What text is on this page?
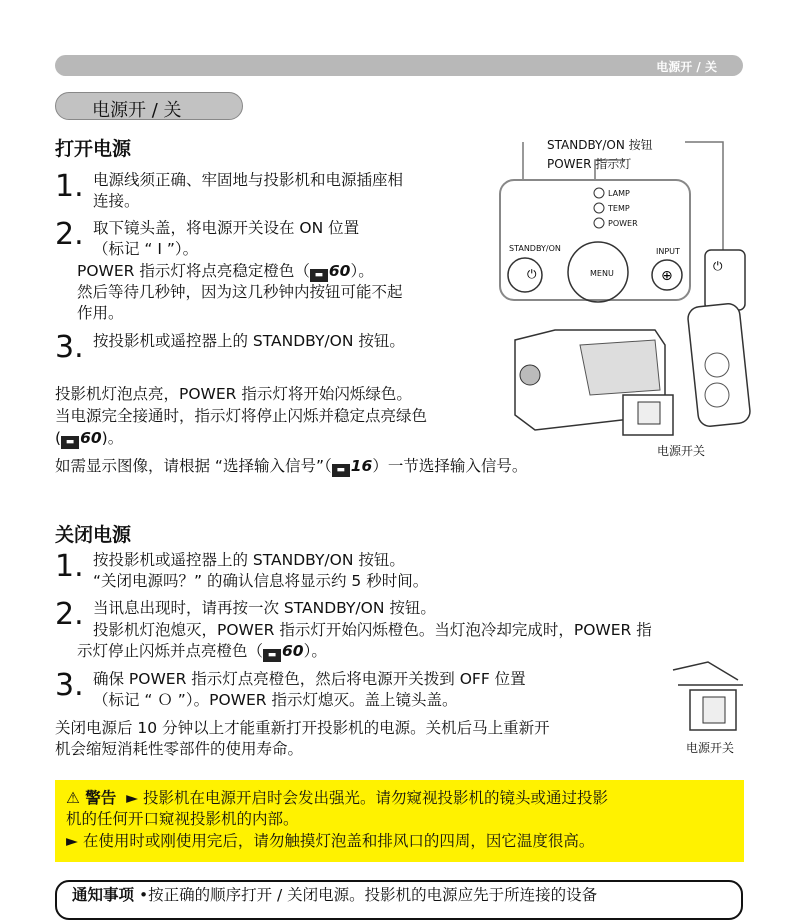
电源开 / 关
电源开 / 关
打开电源
1. 电源线须正确、牢固地与投影机和电源插座相
连接。
2. 取下镜头盖，将电源开关设在 ON 位置
（标记 “ Ⅰ ”）。
POWER 指示灯将点亮稳定橙色（ ▬ 60）。
然后等待几秒钟，因为这几秒钟内按钮可能不起
作用。
3. 按投影机或遥控器上的 STANDBY/ON 按钮。
投影机灯泡点亮，POWER 指示灯将开始闪烁绿色。
当电源完全接通时，指示灯将停止闪烁并稳定点亮绿色
( ▬ 60)。
如需显示图像，请根据 “选择输入信号”（ ▬ 16）一节选择输入信号。
⏻	⊕
⏻
STANDBY/ON 按钮
POWER 指示灯
LAMP
TEMP
POWER
STANDBY/ON
MENU
INPUT
电源开关
关闭电源
1. 按投影机或遥控器上的 STANDBY/ON 按钮。
“关闭电源吗？” 的确认信息将显示约 5 秒时间。
2. 当讯息出现时，请再按一次 STANDBY/ON 按钮。
投影机灯泡熄灭，POWER 指示灯开始闪烁橙色。当灯泡冷却完成时，POWER 指
示灯停止闪烁并点亮橙色（ ▬ 60）。
3. 确保 POWER 指示灯点亮橙色，然后将电源开关拨到 OFF 位置
（标记 “ Ｏ ”）。POWER 指示灯熄灭。盖上镜头盖。
关闭电源后 10 分钟以上才能重新打开投影机的电源。关机后马上重新开
机会缩短消耗性零部件的使用寿命。	电源开关
⚠ 警告 ► 投影机在电源开启时会发出强光。请勿窥视投影机的镜头或通过投影
机的任何开口窥视投影机的内部。
► 在使用时或刚使用完后，请勿触摸灯泡盖和排风口的四周，因它温度很高。
通知事项 •按正确的顺序打开 / 关闭电源。投影机的电源应先于所连接的设备
